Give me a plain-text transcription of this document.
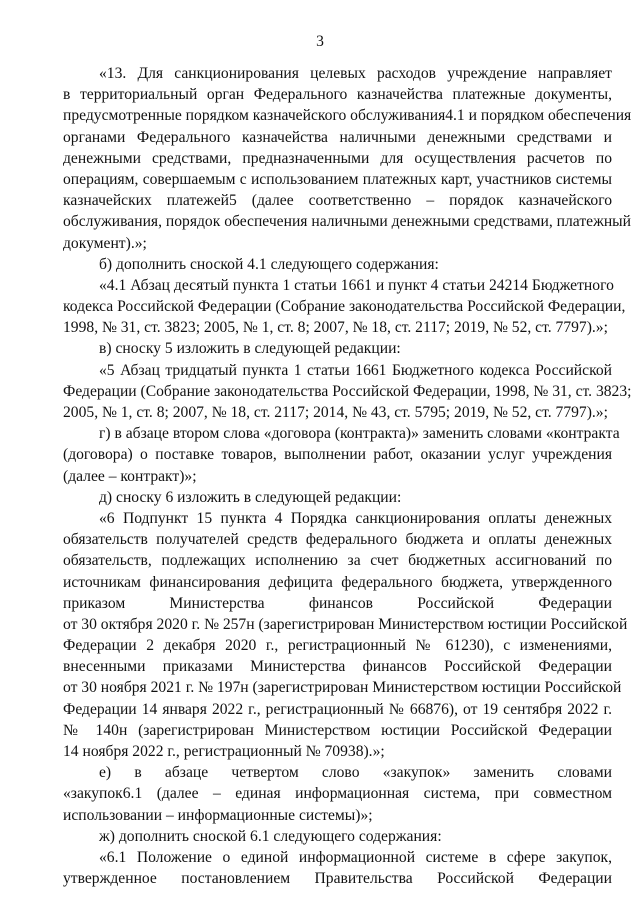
3
«13. Для санкционирования целевых расходов учреждение направляет
в территориальный орган Федерального казначейства платежные документы,
предусмотренные порядком казначейского обслуживания4.1 и порядком обеспечения
органами Федерального казначейства наличными денежными средствами и
денежными средствами, предназначенными для осуществления расчетов по
операциям, совершаемым с использованием платежных карт, участников системы
казначейских платежей5 (далее соответственно – порядок казначейского
обслуживания, порядок обеспечения наличными денежными средствами, платежный
документ).»;
б) дополнить сноской 4.1 следующего содержания:
«4.1 Абзац десятый пункта 1 статьи 1661 и пункт 4 статьи 24214 Бюджетного
кодекса Российской Федерации (Собрание законодательства Российской Федерации,
1998, № 31, ст. 3823; 2005, № 1, ст. 8; 2007, № 18, ст. 2117; 2019, № 52, ст. 7797).»;
в) сноску 5 изложить в следующей редакции:
«5 Абзац тридцатый пункта 1 статьи 1661 Бюджетного кодекса Российской
Федерации (Собрание законодательства Российской Федерации, 1998, № 31, ст. 3823;
2005, № 1, ст. 8; 2007, № 18, ст. 2117; 2014, № 43, ст. 5795; 2019, № 52, ст. 7797).»;
г) в абзаце втором слова «договора (контракта)» заменить словами «контракта
(договора) о поставке товаров, выполнении работ, оказании услуг учреждения
(далее – контракт)»;
д) сноску 6 изложить в следующей редакции:
«6 Подпункт 15 пункта 4 Порядка санкционирования оплаты денежных
обязательств получателей средств федерального бюджета и оплаты денежных
обязательств, подлежащих исполнению за счет бюджетных ассигнований по
источникам финансирования дефицита федерального бюджета, утвержденного
приказом Министерства финансов Российской Федерации
от 30 октября 2020 г. № 257н (зарегистрирован Министерством юстиции Российской
Федерации 2 декабря 2020 г., регистрационный № 61230), с изменениями,
внесенными приказами Министерства финансов Российской Федерации
от 30 ноября 2021 г. № 197н (зарегистрирован Министерством юстиции Российской
Федерации 14 января 2022 г., регистрационный № 66876), от 19 сентября 2022 г.
№ 140н (зарегистрирован Министерством юстиции Российской Федерации
14 ноября 2022 г., регистрационный № 70938).»;
е) в абзаце четвертом слово «закупок» заменить словами
«закупок6.1 (далее – единая информационная система, при совместном
использовании – информационные системы)»;
ж) дополнить сноской 6.1 следующего содержания:
«6.1 Положение о единой информационной системе в сфере закупок,
утвержденное постановлением Правительства Российской Федерации
